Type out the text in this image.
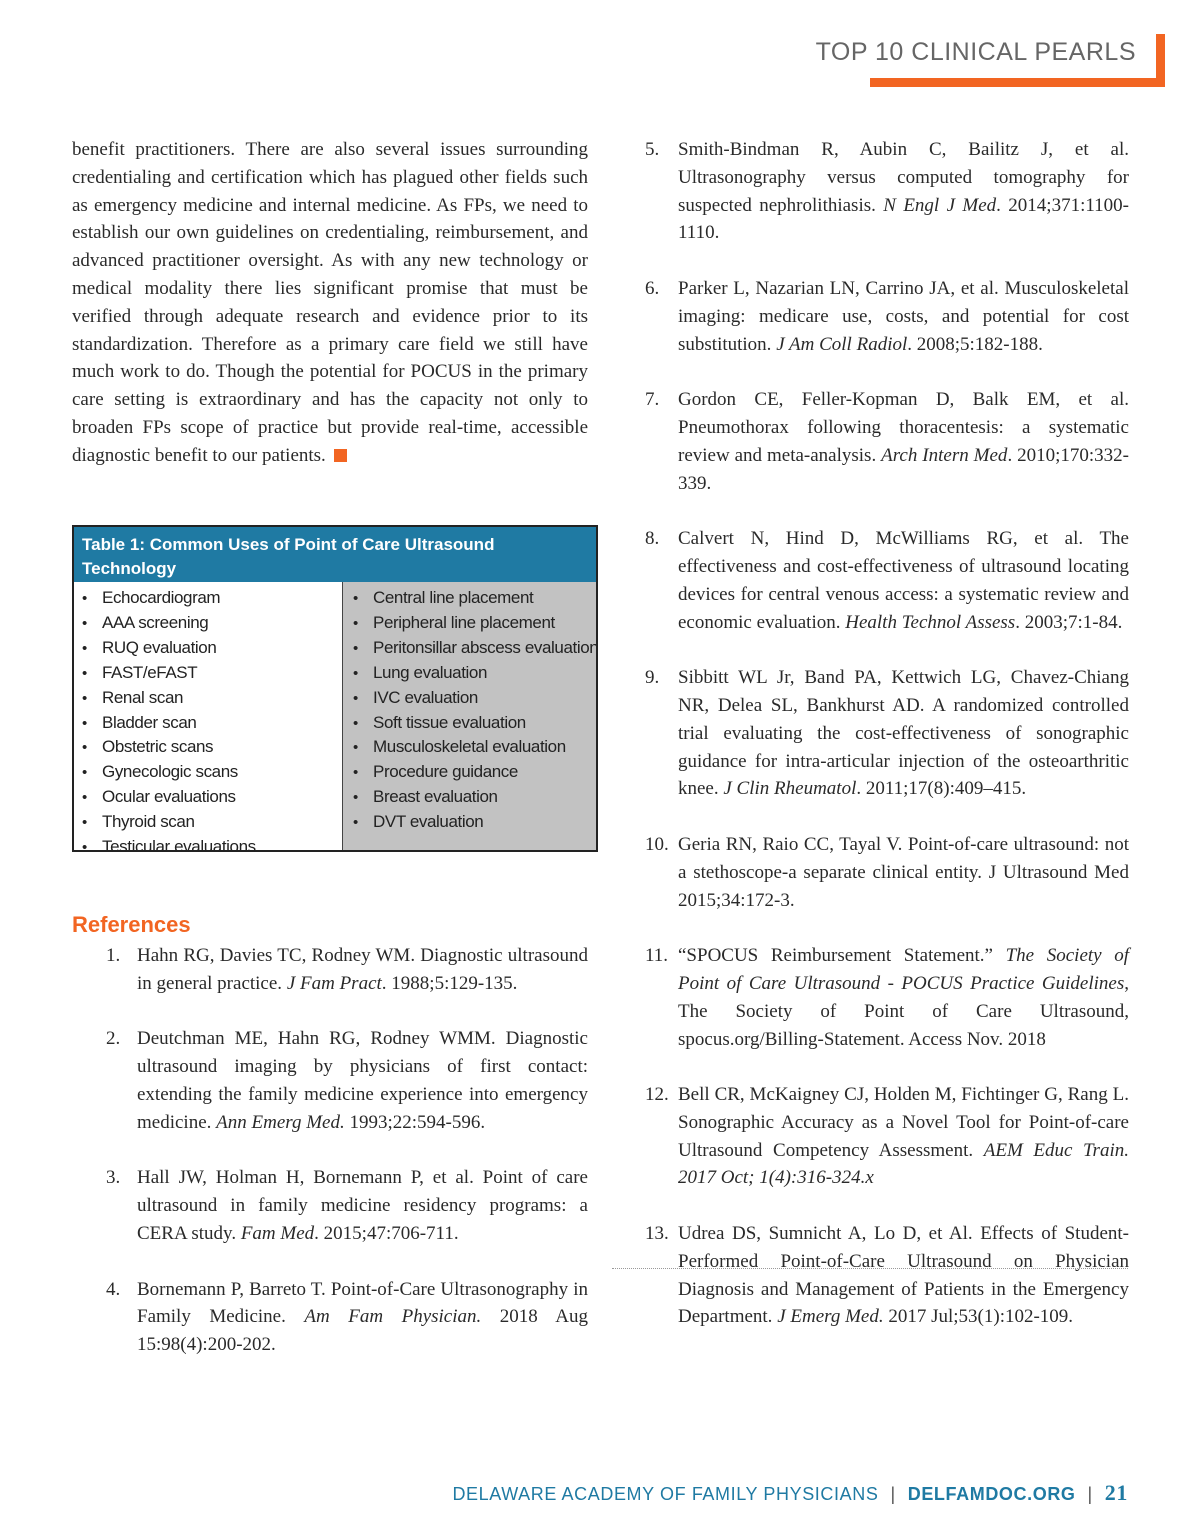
TOP 10 CLINICAL PEARLS

benefit practitioners. There are also several issues surrounding credentialing and certification which has plagued other fields such as emergency medicine and internal medicine. As FPs, we need to establish our own guidelines on credentialing, reimbursement, and advanced practitioner oversight. As with any new technology or medical modality there lies significant promise that must be verified through adequate research and evidence prior to its standardization. Therefore as a primary care field we still have much work to do. Though the potential for POCUS in the primary care setting is extraordinary and has the capacity not only to broaden FPs scope of practice but provide real-time, accessible diagnostic benefit to our patients.

Table 1: Common Uses of Point of Care Ultrasound Technology
• Echocardiogram
• AAA screening
• RUQ evaluation
• FAST/eFAST
• Renal scan
• Bladder scan
• Obstetric scans
• Gynecologic scans
• Ocular evaluations
• Thyroid scan
• Testicular evaluations
• Central line placement
• Peripheral line placement
• Peritonsillar abscess evaluation
• Lung evaluation
• IVC evaluation
• Soft tissue evaluation
• Musculoskeletal evaluation
• Procedure guidance
• Breast evaluation
• DVT evaluation
References

1. Hahn RG, Davies TC, Rodney WM. Diagnostic ultrasound in general practice. J Fam Pract. 1988;5:129-135.

2. Deutchman ME, Hahn RG, Rodney WMM. Diagnostic ultrasound imaging by physicians of first contact: extending the family medicine experience into emergency medicine. Ann Emerg Med. 1993;22:594-596.

3. Hall JW, Holman H, Bornemann P, et al. Point of care ultrasound in family medicine residency programs: a CERA study. Fam Med. 2015;47:706-711.

4. Bornemann P, Barreto T. Point-of-Care Ultrasonography in Family Medicine. Am Fam Physician. 2018 Aug 15:98(4):200-202.

5. Smith-Bindman R, Aubin C, Bailitz J, et al. Ultrasonography versus computed tomography for suspected nephrolithiasis. N Engl J Med. 2014;371:1100-1110.

6. Parker L, Nazarian LN, Carrino JA, et al. Musculoskeletal imaging: medicare use, costs, and potential for cost substitution. J Am Coll Radiol. 2008;5:182-188.

7. Gordon CE, Feller-Kopman D, Balk EM, et al. Pneumothorax following thoracentesis: a systematic review and meta-analysis. Arch Intern Med. 2010;170:332-339.

8. Calvert N, Hind D, McWilliams RG, et al. The effectiveness and cost-effectiveness of ultrasound locating devices for central venous access: a systematic review and economic evaluation. Health Technol Assess. 2003;7:1-84.

9. Sibbitt WL Jr, Band PA, Kettwich LG, Chavez-Chiang NR, Delea SL, Bankhurst AD. A randomized controlled trial evaluating the cost-effectiveness of sonographic guidance for intra-articular injection of the osteoarthritic knee. J Clin Rheumatol. 2011;17(8):409–415.

10. Geria RN, Raio CC, Tayal V. Point-of-care ultrasound: not a stethoscope-a separate clinical entity. J Ultrasound Med 2015;34:172-3.

11. “SPOCUS Reimbursement Statement.” The Society of Point of Care Ultrasound - POCUS Practice Guidelines, The Society of Point of Care Ultrasound, spocus.org/Billing-Statement. Access Nov. 2018

12. Bell CR, McKaigney CJ, Holden M, Fichtinger G, Rang L. Sonographic Accuracy as a Novel Tool for Point-of-care Ultrasound Competency Assessment. AEM Educ Train. 2017 Oct; 1(4):316-324.x

13. Udrea DS, Sumnicht A, Lo D, et Al. Effects of Student-Performed Point-of-Care Ultrasound on Physician Diagnosis and Management of Patients in the Emergency Department. J Emerg Med. 2017 Jul;53(1):102-109.

DELAWARE ACADEMY OF FAMILY PHYSICIANS | DELFAMDOC.ORG | 21
